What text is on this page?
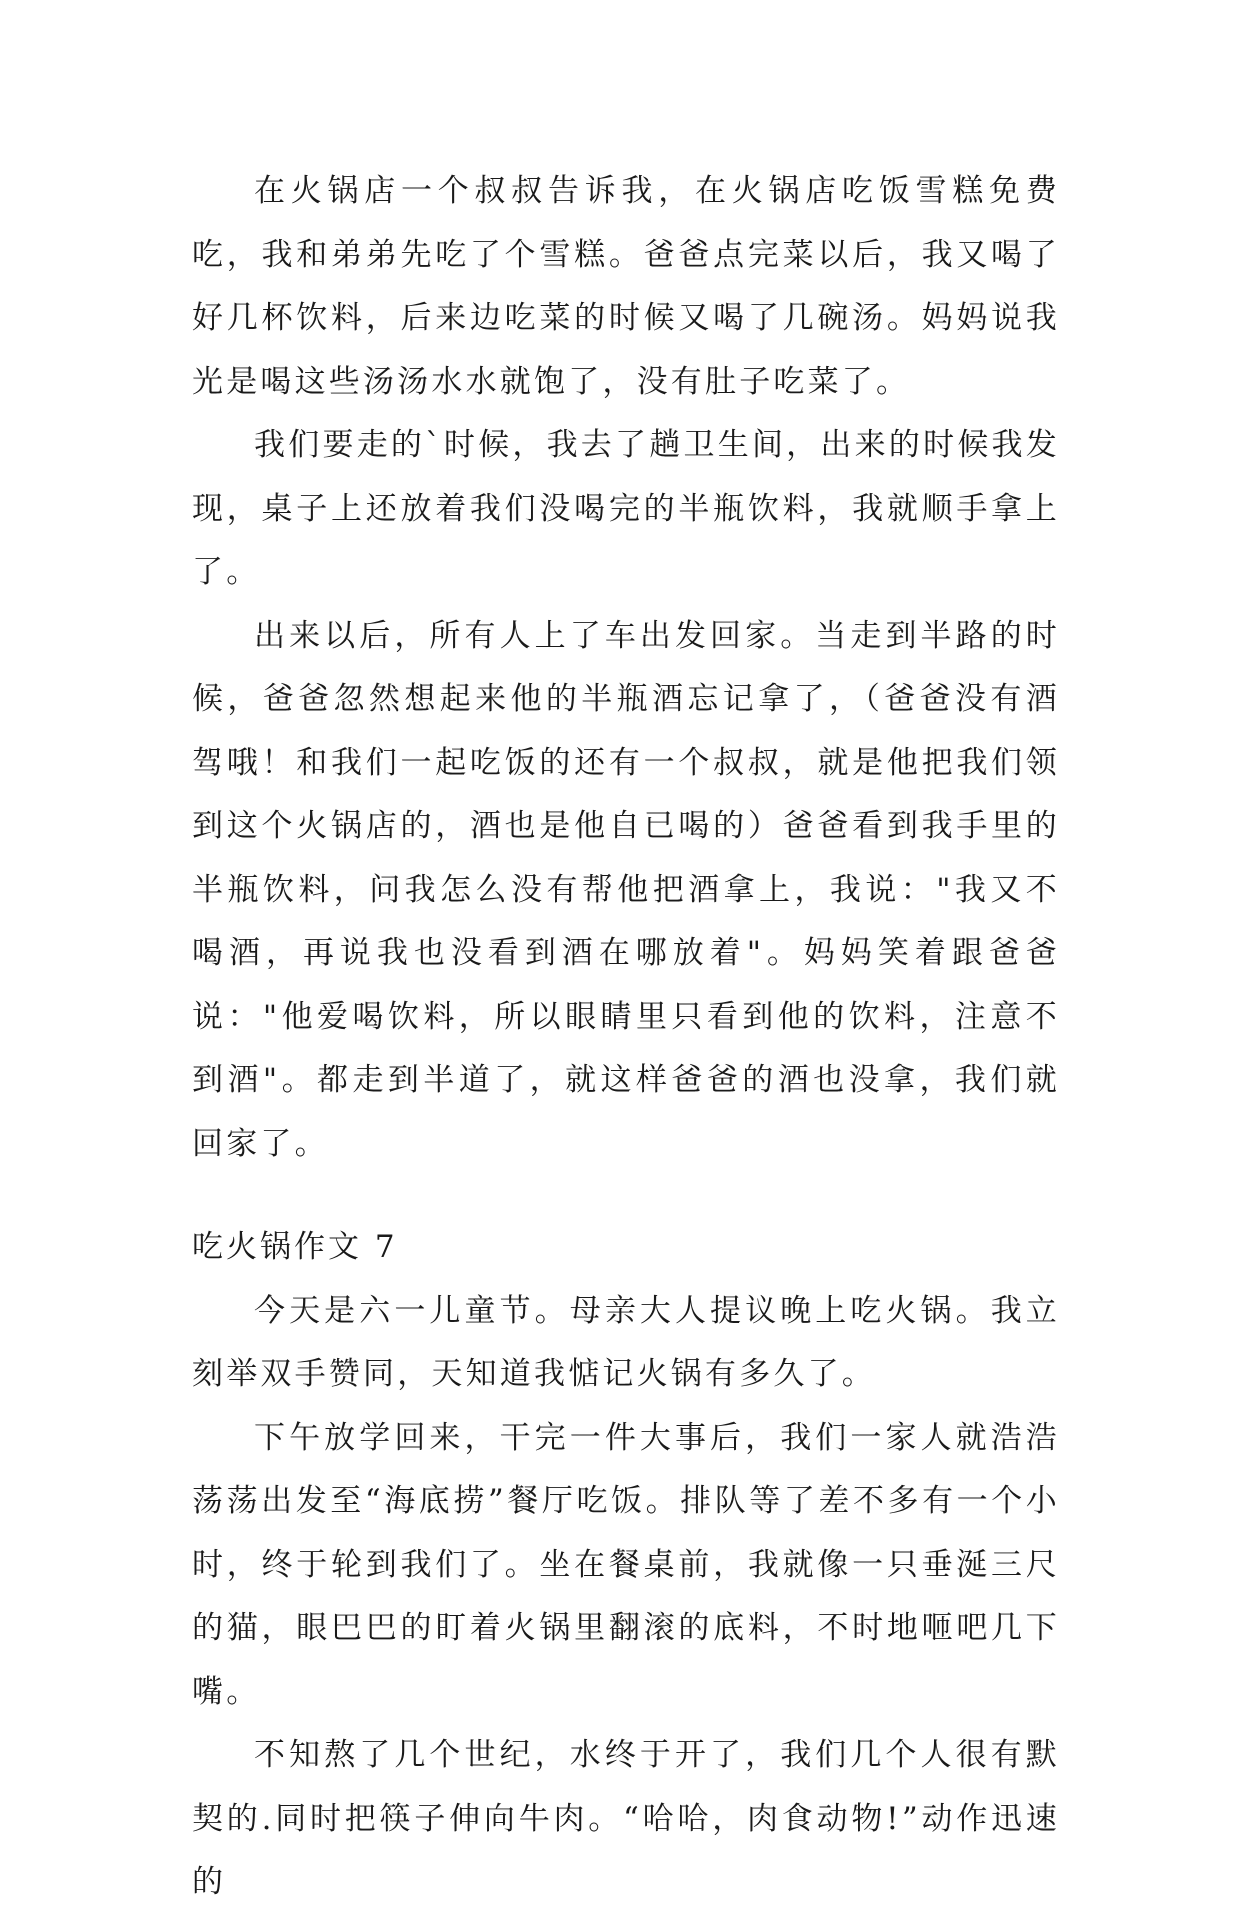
在火锅店一个叔叔告诉我，在火锅店吃饭雪糕免费吃，我和弟弟先吃了个雪糕。爸爸点完菜以后，我又喝了好几杯饮料，后来边吃菜的时候又喝了几碗汤。妈妈说我光是喝这些汤汤水水就饱了，没有肚子吃菜了。

我们要走的`时候，我去了趟卫生间，出来的时候我发现，桌子上还放着我们没喝完的半瓶饮料，我就顺手拿上了。

出来以后，所有人上了车出发回家。当走到半路的时候，爸爸忽然想起来他的半瓶酒忘记拿了，（爸爸没有酒驾哦！和我们一起吃饭的还有一个叔叔，就是他把我们领到这个火锅店的，酒也是他自已喝的）爸爸看到我手里的半瓶饮料，问我怎么没有帮他把酒拿上，我说："我又不喝酒，再说我也没看到酒在哪放着"。妈妈笑着跟爸爸说："他爱喝饮料，所以眼睛里只看到他的饮料，注意不到酒"。都走到半道了，就这样爸爸的酒也没拿，我们就回家了。

吃火锅作文 7

今天是六一儿童节。母亲大人提议晚上吃火锅。我立刻举双手赞同，天知道我惦记火锅有多久了。

下午放学回来，干完一件大事后，我们一家人就浩浩荡荡出发至“海底捞”餐厅吃饭。排队等了差不多有一个小时，终于轮到我们了。坐在餐桌前，我就像一只垂涎三尺的猫，眼巴巴的盯着火锅里翻滚的底料，不时地咂吧几下嘴。

不知熬了几个世纪，水终于开了，我们几个人很有默契的.同时把筷子伸向牛肉。“哈哈，肉食动物!”动作迅速的
